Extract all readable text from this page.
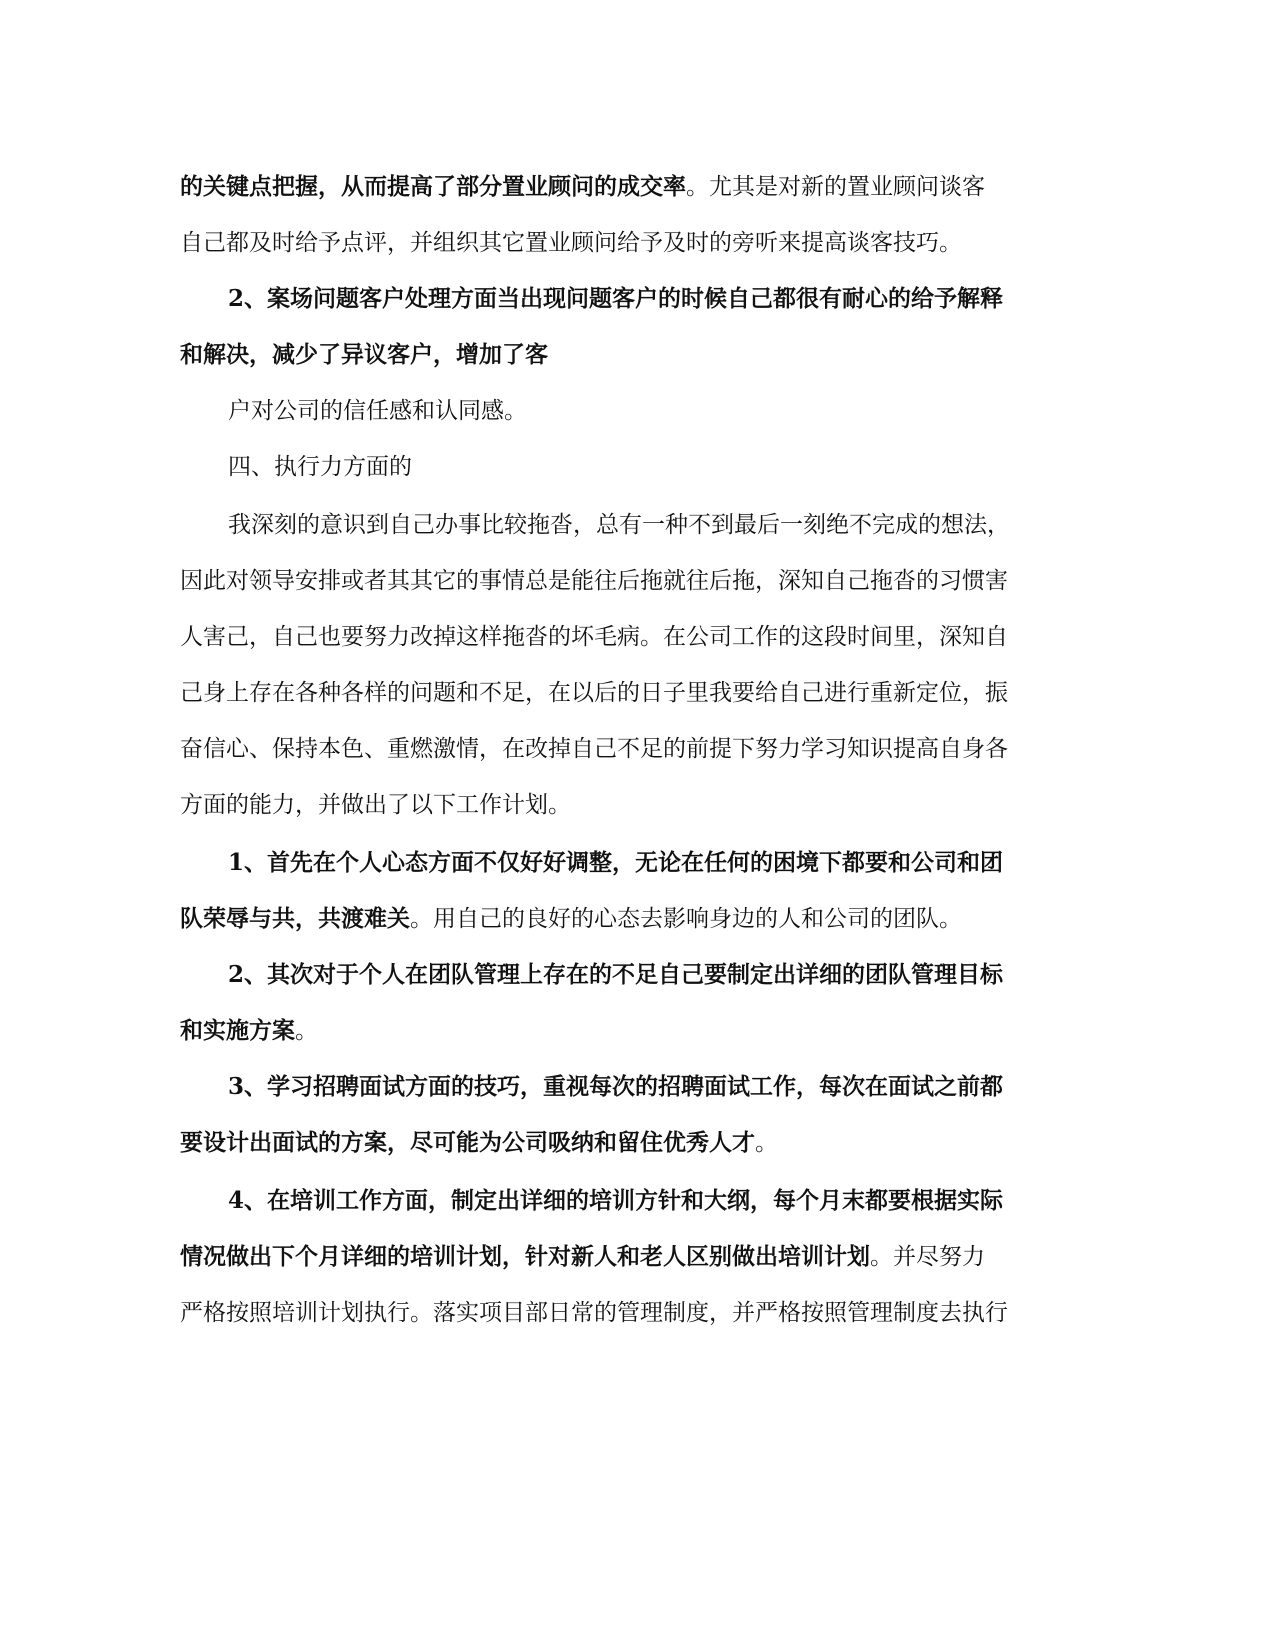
的关键点把握，从而提高了部分置业顾问的成交率。尤其是对新的置业顾问谈客
自己都及时给予点评，并组织其它置业顾问给予及时的旁听来提高谈客技巧。
2、案场问题客户处理方面当出现问题客户的时候自己都很有耐心的给予解释
和解决，减少了异议客户，增加了客
户对公司的信任感和认同感。
四、执行力方面的
我深刻的意识到自己办事比较拖沓，总有一种不到最后一刻绝不完成的想法，
因此对领导安排或者其其它的事情总是能往后拖就往后拖，深知自己拖沓的习惯害
人害己，自己也要努力改掉这样拖沓的坏毛病。在公司工作的这段时间里，深知自
己身上存在各种各样的问题和不足，在以后的日子里我要给自己进行重新定位，振
奋信心、保持本色、重燃激情，在改掉自己不足的前提下努力学习知识提高自身各
方面的能力，并做出了以下工作计划。
1、首先在个人心态方面不仅好好调整，无论在任何的困境下都要和公司和团
队荣辱与共，共渡难关。用自己的良好的心态去影响身边的人和公司的团队。
2、其次对于个人在团队管理上存在的不足自己要制定出详细的团队管理目标
和实施方案。
3、学习招聘面试方面的技巧，重视每次的招聘面试工作，每次在面试之前都
要设计出面试的方案，尽可能为公司吸纳和留住优秀人才。
4、在培训工作方面，制定出详细的培训方针和大纲，每个月末都要根据实际
情况做出下个月详细的培训计划，针对新人和老人区别做出培训计划。并尽努力
严格按照培训计划执行。落实项目部日常的管理制度，并严格按照管理制度去执行
